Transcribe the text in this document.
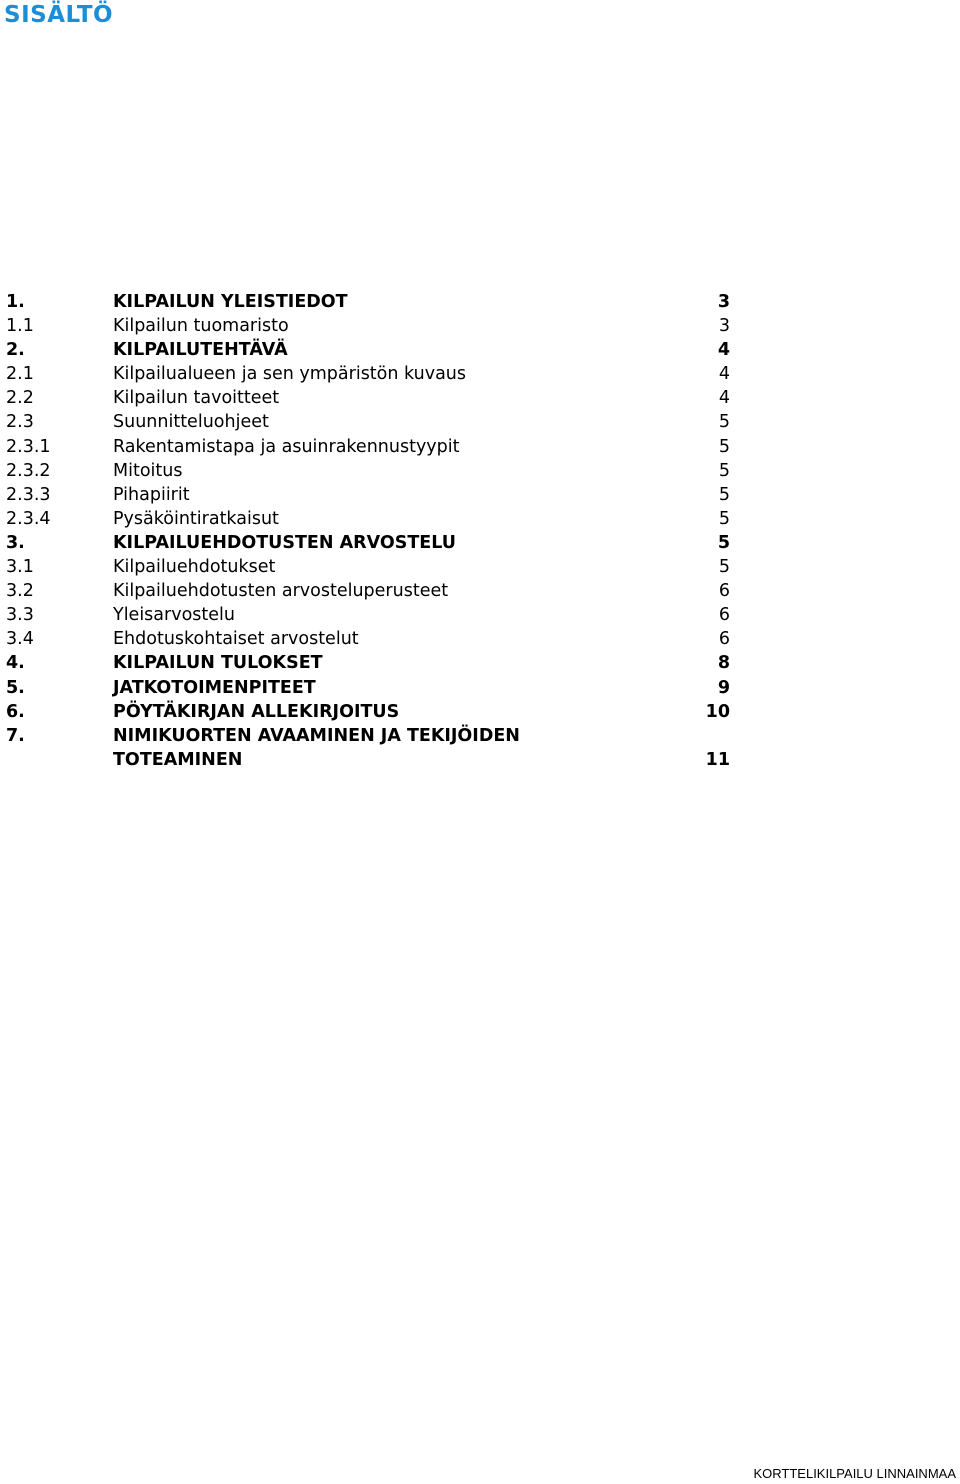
SISÄLTÖ
1.	KILPAILUN YLEISTIEDOT	3
1.1	Kilpailun tuomaristo	3
2.	KILPAILUTEHTÄVÄ	4
2.1	Kilpailualueen ja sen ympäristön kuvaus	4
2.2	Kilpailun tavoitteet	4
2.3	Suunnitteluohjeet	5
2.3.1	Rakentamistapa ja asuinrakennustyypit	5
2.3.2	Mitoitus	5
2.3.3	Pihapiirit	5
2.3.4	Pysäköintiratkaisut	5
3.	KILPAILUEHDOTUSTEN ARVOSTELU	5
3.1	Kilpailuehdotukset	5
3.2	Kilpailuehdotusten arvosteluperusteet	6
3.3	Yleisarvostelu	6
3.4	Ehdotuskohtaiset arvostelut	6
4.	KILPAILUN TULOKSET	8
5.	JATKOTOIMENPITEET	9
6.	PÖYTÄKIRJAN ALLEKIRJOITUS	10
7.	NIMIKUORTEN AVAAMINEN JA TEKIJÖIDEN
TOTEAMINEN	11
KORTTELIKILPAILU LINNAINMAA
